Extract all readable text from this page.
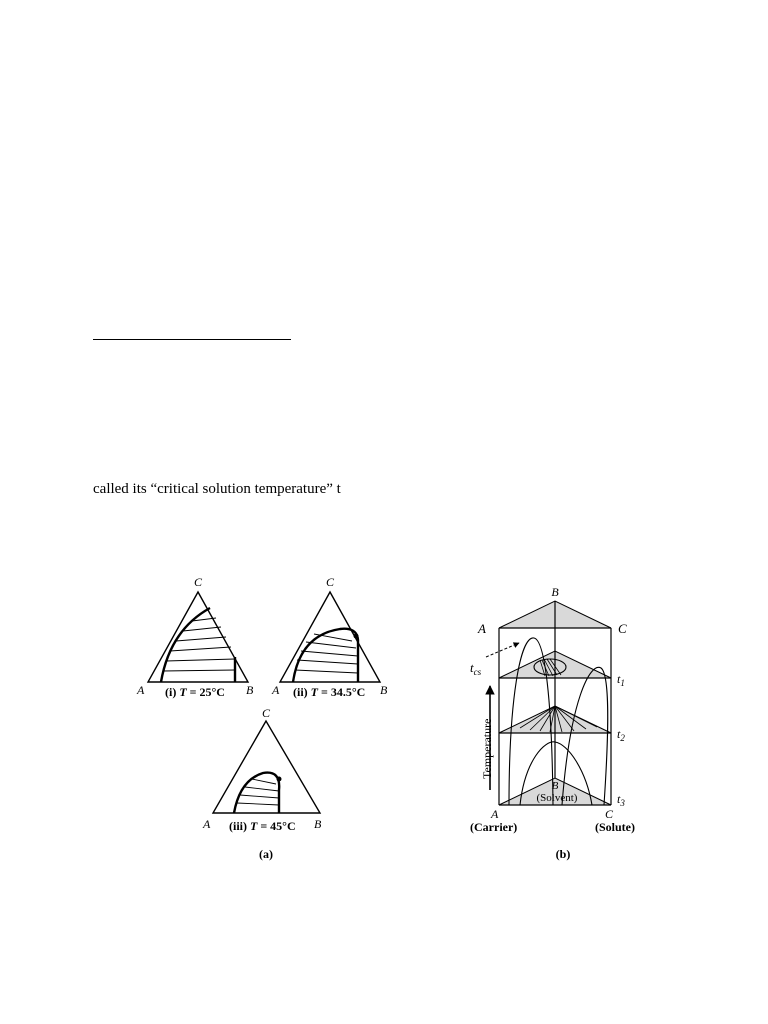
called its “critical solution temperature” t
C
A	B
(i) T = 25°C
C
A	B
(ii) T = 34.5°C
C
A	B
(iii) T = 45°C
(a)
B
A	C
$t_{cs}$	$t_1$
$t_2$
$t_3$
Temperature
B
(Solvent)
A	C
(Carrier)	(Solute)
(b)
